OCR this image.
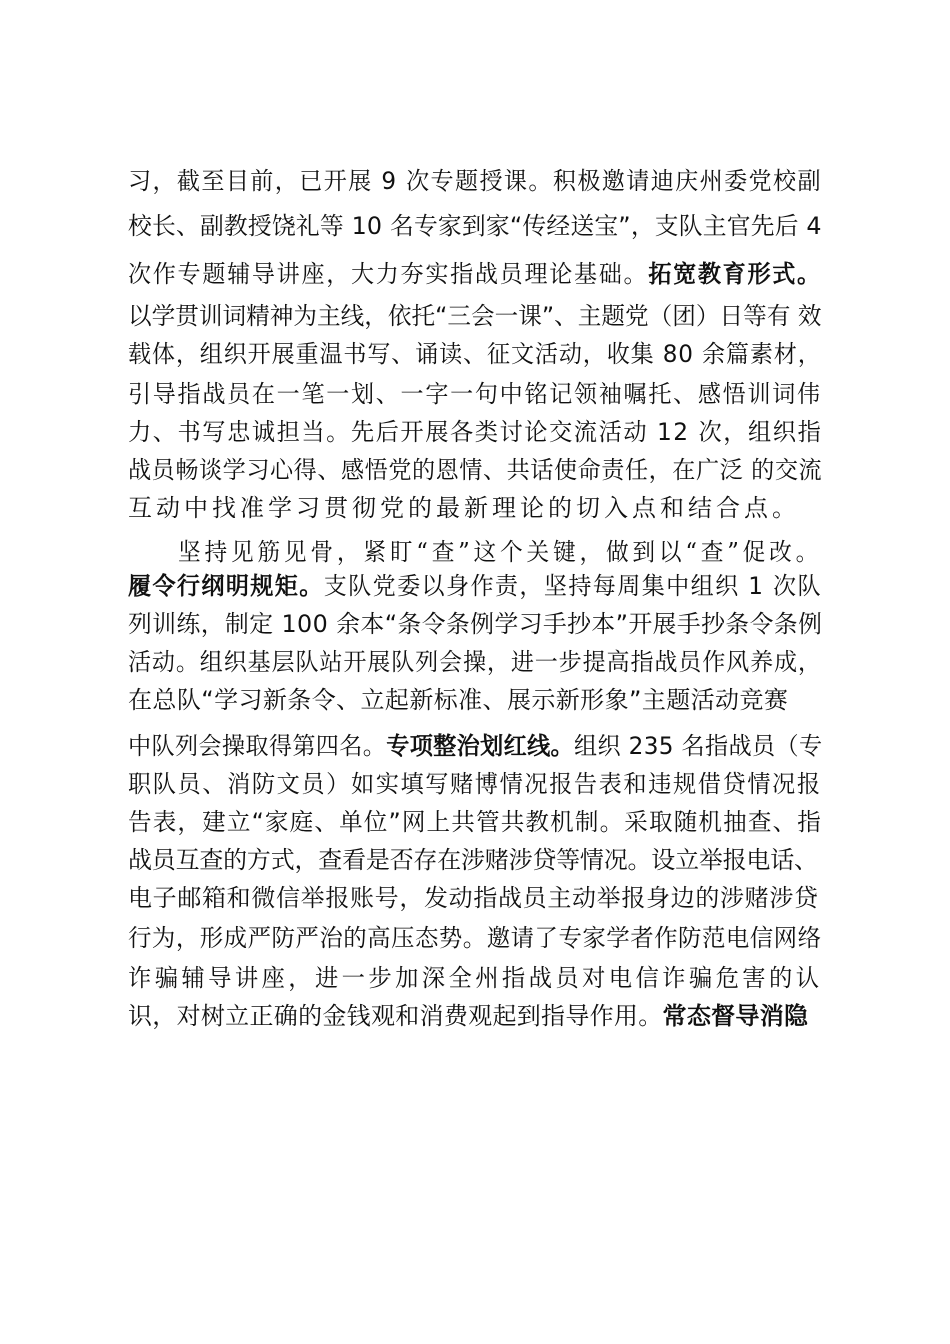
习，截至目前，已开展 9 次专题授课。积极邀请迪庆州委党校副
校长、副教授饶礼等 10 名专家到家“传经送宝”，支队主官先后 4
次作专题辅导讲座，大力夯实指战员理论基础。拓宽教育形式。
以学贯训词精神为主线，依托“三会一课”、主题党（团）日等有 效
载体，组织开展重温书写、诵读、征文活动，收集 80 余篇素材，
引导指战员在一笔一划、一字一句中铭记领袖嘱托、感悟训词伟
力、书写忠诚担当。先后开展各类讨论交流活动 12 次，组织指
战员畅谈学习心得、感悟党的恩情、共话使命责任，在广泛 的交流
互动中找准学习贯彻党的最新理论的切入点和结合点。
坚持见筋见骨，紧盯“查”这个关键，做到以“查”促改。
履令行纲明规矩。支队党委以身作责，坚持每周集中组织 1 次队
列训练，制定 100 余本“条令条例学习手抄本”开展手抄条令条例
活动。组织基层队站开展队列会操，进一步提高指战员作风养成，
在总队“学习新条令、立起新标准、展示新形象”主题活动竞赛
中队列会操取得第四名。专项整治划红线。组织 235 名指战员（专
职队员、消防文员）如实填写赌博情况报告表和违规借贷情况报
告表，建立“家庭、单位”网上共管共教机制。采取随机抽查、指
战员互查的方式，查看是否存在涉赌涉贷等情况。设立举报电话、
电子邮箱和微信举报账号，发动指战员主动举报身边的涉赌涉贷
行为，形成严防严治的高压态势。邀请了专家学者作防范电信网络
诈骗辅导讲座，进一步加深全州指战员对电信诈骗危害的认
识，对树立正确的金钱观和消费观起到指导作用。常态督导消隐
